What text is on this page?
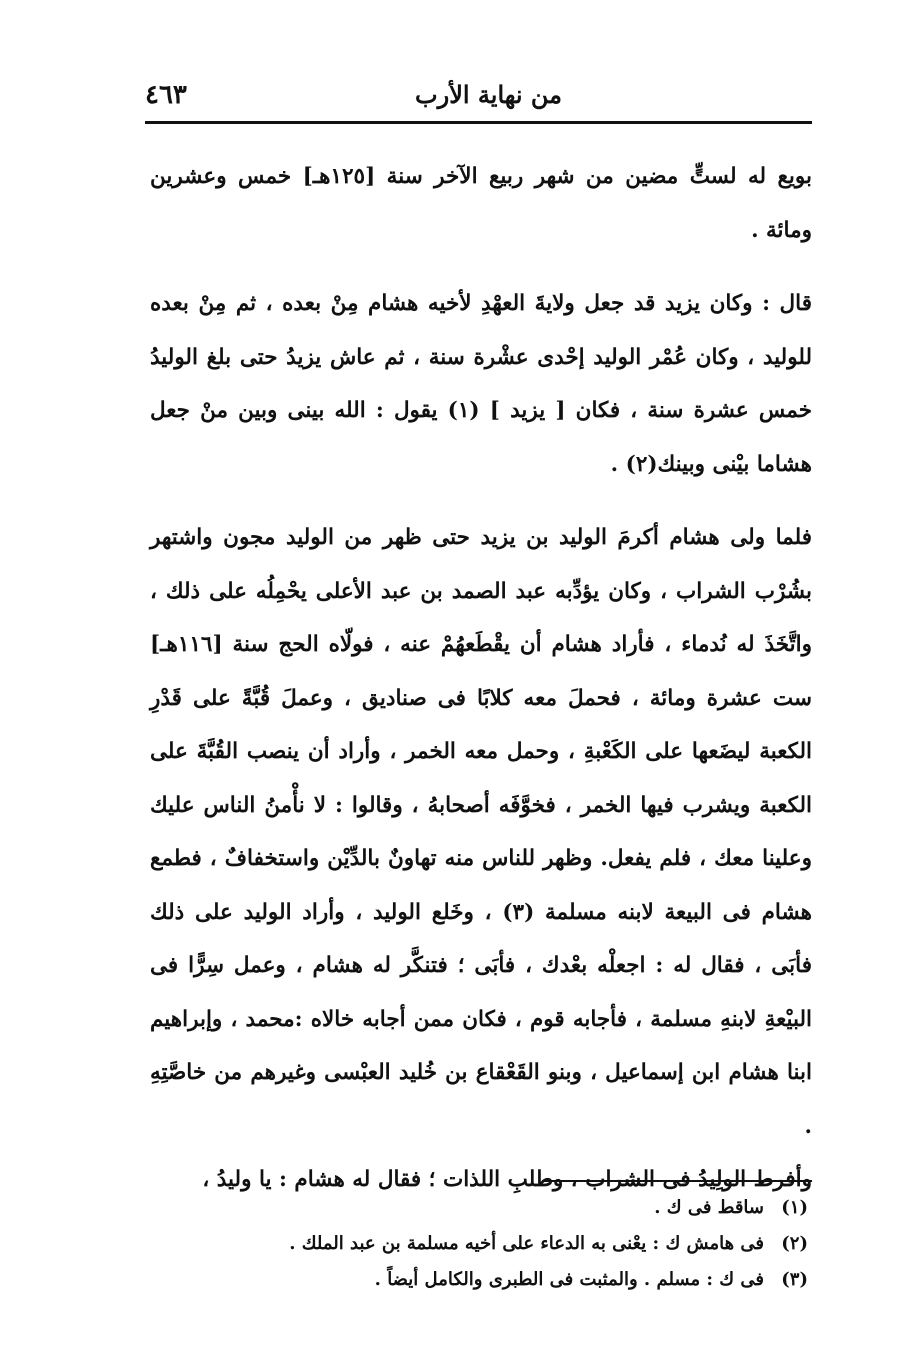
من نهاية الأرب
٤٦٣

بويع له لستٍّ مضين من شهر ربيع الآخر سنة [١٢٥هـ] خمس وعشرين ومائة .

قال : وكان يزيد قد جعل ولايةَ العهْدِ لأخيه هشام مِنْ بعده ، ثم مِنْ بعده للوليد ، وكان عُمْر الوليد إحْدى عشْرة سنة ، ثم عاش يزيدُ حتى بلغ الوليدُ خمس عشرة سنة ، فكان [ يزيد ] (١) يقول : الله بينى وبين منْ جعل هشاما بيْنى وبينك(٢) .

فلما ولى هشام أكرمَ الوليد بن يزيد حتى ظهر من الوليد مجون واشتهر بشُرْب الشراب ، وكان يؤدِّبه عبد الصمد بن عبد الأعلى يحْمِلُه على ذلك ، واتَّخَذَ له نُدماء ، فأراد هشام أن يقْطَعهُمْ عنه ، فولّاه الحج سنة [١١٦هـ] ست عشرة ومائة ، فحملَ معه كلابًا فى صناديق ، وعملَ قُبَّةً على قَدْرِ الكعبة ليضَعها على الكَعْبةِ ، وحمل معه الخمر ، وأراد أن ينصب القُبَّةَ على الكعبة ويشرب فيها الخمر ، فخوَّفَه أصحابهُ ، وقالوا : لا نأْمنُ الناس عليك وعلينا معك ، فلم يفعل. وظهر للناس منه تهاونٌ بالدِّيْن واستخفافٌ ، فطمع هشام فى البيعة لابنه مسلمة (٣) ، وخَلع الوليد ، وأراد الوليد على ذلك فأبَى ، فقال له : اجعلْه بعْدك ، فأبَى ؛ فتنكَّر له هشام ، وعمل سِرًّا فى البيْعةِ لابنهِ مسلمة ، فأجابه قوم ، فكان ممن أجابه خالاه :محمد ، وإبراهيم ابنا هشام ابن إسماعيل ، وبنو القَعْقاع بن خُليد العبْسى وغيرهم من خاصَّتِهِ .

وأفرط الولِيدُ فى الشراب ، وطلبِ اللذات ؛ فقال له هشام : يا وليدُ ،

(١)
ساقط فى ك .
(٢)
فى هامش ك : يعْنى به الدعاء على أخيه مسلمة بن عبد الملك .
(٣)
فى ك : مسلم . والمثبت فى الطبرى والكامل أيضاً .
